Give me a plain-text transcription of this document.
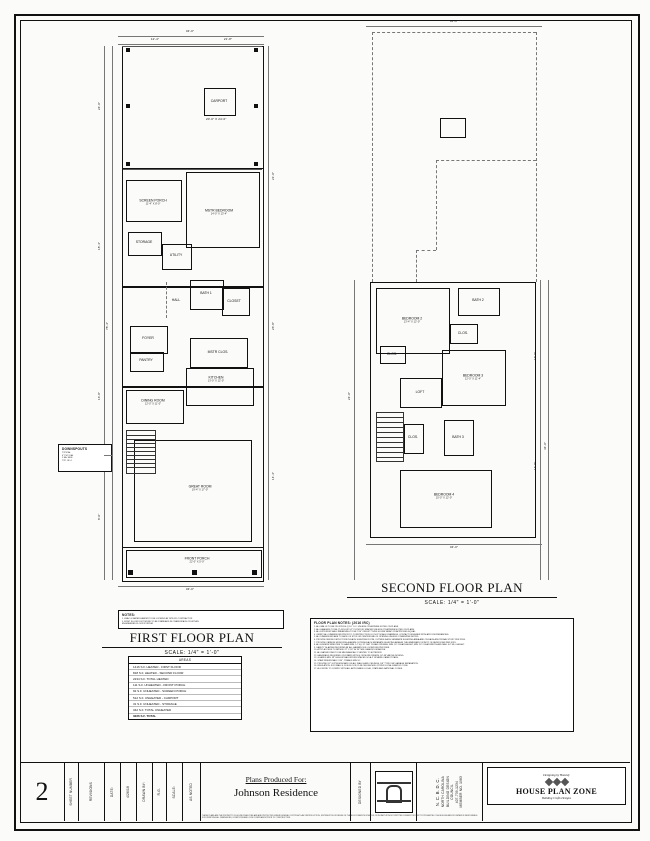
34'-0"
12'-4"	21'-8"
24'-0"
18'-4"
16'-8"
8'-0"
78'-4"
21'-0"
26'-8"
14'-4"
CARPORT
20'-0" X 24'-0"
SCREEN PORCH
11'-4" X 8'-0"
MSTR BEDROOM
14'-0" X 13'-4"
STORAGE
UTILITY
BATH 1
CLOSET
HALL
FOYER
MSTR CLOS.
PANTRY
KITCHEN
13'-0" X 12'-0"
DINING ROOM
12'-0" X 11'-0"
GREAT ROOM
19'-4" X 17'-0"
FRONT PORCH
22'-0" X 5'-0"
34'-0"
DOWNSPOUTS
TYPICAL
4" PVC DIA.
1 EA. SIDE
TYP. OF 4
NOTES:
1. HVAC & WATER HEATER TO BE LOCATED AT SITE BY CONTRACTOR.
2. FIRST FLOOR DUCTWORK TO BE STANDARD IN CRAWLSPACE OR WITHIN
ENGINEERED FLOOR SYSTEM.
FIRST FLOOR PLAN
SCALE: 1/4" = 1'-0"
AREAS
1416 S.F. HEATED - FIRST FLOOR
818 S.F. HEATED - SECOND FLOOR
2234 S.F. TOTAL HEATED
111 S.F. UNHEATED - FRONT PORCH
92 S.F. UNHEATED - SCREEN PORCH
512 S.F. UNHEATED - CARPORT
31 S.F. UNHEATED - STORAGE
342 S.F. TOTAL UNHEATED
3226 S.F. TOTAL
34'-0"
16'-0"
14'-8"
44'-0"
24'-0"
BEDROOM 2
13'-4" X 12'-0"
BATH 2
CLOS.
CLOS.
BEDROOM 3
12'-0" X 11'-4"
LOFT
CLOS.	BATH 3
BEDROOM 4
15'-0" X 12'-0"
34'-0"
SECOND FLOOR PLAN
SCALE: 1/4" = 1'-0"
FLOOR PLAN NOTES: (2016 IRC)
1. ALL WALLS TO BE 2X4 STUDS @ 16" O.C. UNLESS OTHERWISE NOTED ON PLANS.
2. ALL HEADERS TO BE (2) 2X10 W/ 1/2" PLYWOOD SPACER UNLESS OTHERWISE NOTED ON PLANS.
3. ALL EXTERIOR WALL SHEATHING TO BE 7/16" OSB W/ TYVEK HOUSE WRAP OR APPROVED EQUAL.
4. VERIFY ALL DIMENSIONS PRIOR TO CONSTRUCTION. DO NOT SCALE DRAWINGS. CONTACT DESIGNER WITH ANY DISCREPANCIES.
5. ALL DIMENSIONS ARE TO FACE OF STUD OR CENTERLINE OF OPENING UNLESS OTHERWISE NOTED.
6. PROVIDE SMOKE DETECTORS IN EACH SLEEPING ROOM, OUTSIDE EACH SEPARATE SLEEPING AREA AND ON EACH ADDITIONAL STORY PER R314.
7. PROVIDE CARBON MONOXIDE ALARMS OUTSIDE EACH SEPARATE SLEEPING AREA IN THE IMMEDIATE VICINITY OF BEDROOMS PER R315.
8. ALL EGRESS WINDOWS TO HAVE MIN. 5.7 SQ. FT. NET CLEAR OPENING, MIN. 24" CLEAR HEIGHT, MIN. 20" CLEAR WIDTH AND MAX. 44" SILL HEIGHT.
9. SAFETY GLAZING REQUIRED AT ALL HAZARDOUS LOCATIONS PER R308.
10. ATTIC ACCESS TO BE MIN. 22" X 30" W/ 30" MIN. HEADROOM ABOVE.
11. ALL BATHROOMS TO BE MECHANICALLY VENTED TO EXTERIOR.
12. HANDRAILS REQUIRED ON STAIRS WITH 4 OR MORE RISERS, 34"-38" ABOVE NOSING.
13. GUARDS MIN. 36" HIGH W/ BALUSTERS SPACED SO A 4" SPHERE CANNOT PASS.
14. STAIR RISERS MAX 7-3/4", TREADS MIN 10".
15. PROVIDE 1/2" GYPSUM BOARD ON ALL WALLS AND CEILINGS, 5/8" TYPE X AT GARAGE SEPARATION.
16. INSULATION: R-13 WALLS, R-30 FLOOR, R-38 CEILING MIN. OR PER LOCAL ENERGY CODE.
17. ALL WORK TO COMPLY WITH ALL APPLICABLE LOCAL, STATE AND NATIONAL CODES.
2	SHEET NUMBER	REVISIONS	DATE:	4/26/18	DRAWN BY:	R.G.	SCALE:	AS NOTED
Plans Produced For:
Johnson Residence	DESIGNED BY	N. C. B. D. C. NORTH CAROLINA BUILDING DESIGN COUNCIL 407-739-1234 MEMBER NO. 1983
Designing by Honesty
HOUSE PLAN ZONE
Building Crafts Designs
THESE PLANS ARE THE PROPERTY OF HOUSE PLAN ZONE AND ARE PROTECTED UNDER FEDERAL COPYRIGHT LAW. REPRODUCTION, DISTRIBUTION OR REUSE OF THESE DOCUMENTS IN WHOLE OR IN PART WITHOUT WRITTEN CONSENT IS STRICTLY PROHIBITED. THE BUILDER AND/OR OWNER IS RESPONSIBLE FOR VERIFYING ALL DIMENSIONS, CONDITIONS AND CODE COMPLIANCE PRIOR TO CONSTRUCTION.
